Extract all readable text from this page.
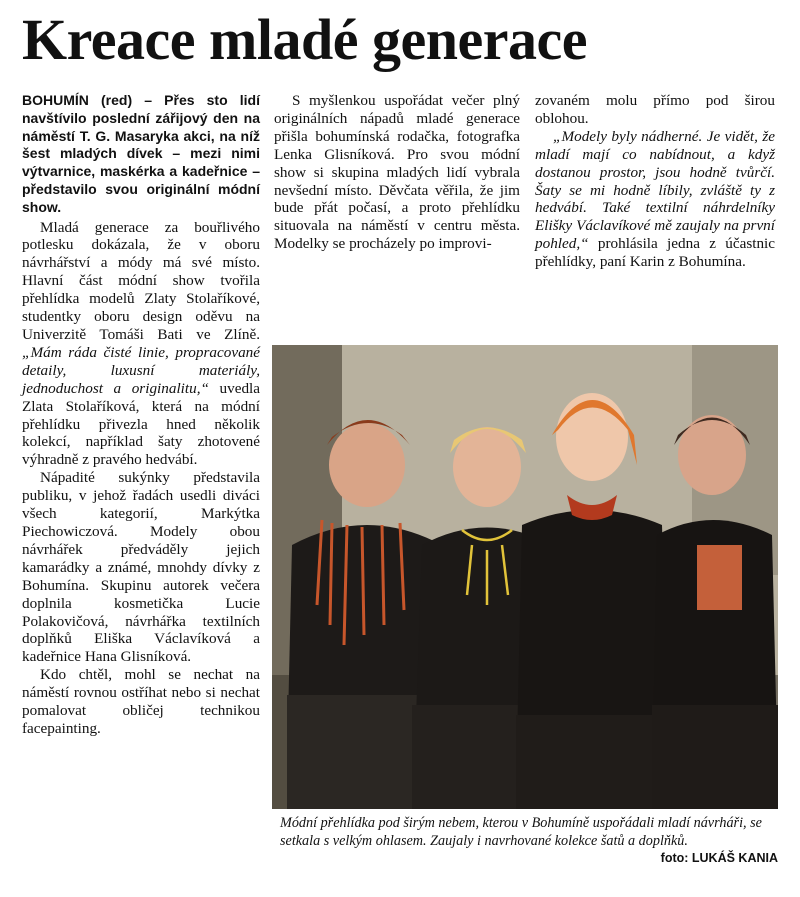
Kreace mladé generace

BOHUMÍN (red) – Přes sto lidí navštívilo poslední zářijový den na náměstí T. G. Masaryka akci, na níž šest mladých dívek – mezi nimi výtvarnice, maskérka a kadeřnice – představilo svou originální módní show.

Mladá generace za bouřlivého potlesku dokázala, že v oboru návrhářství a módy má své místo. Hlavní část módní show tvořila přehlídka modelů Zlaty Stolaříkové, studentky oboru design oděvu na Univerzitě Tomáši Bati ve Zlíně. „Mám ráda čisté linie, propracované detaily, luxusní materiály, jednoduchost a originalitu,“ uvedla Zlata Stolaříková, která na módní přehlídku přivezla hned několik kolekcí, například šaty zhotovené výhradně z pravého hedvábí.

Nápadité sukýnky představila publiku, v jehož řadách usedli diváci všech kategorií, Markýtka Piechowiczová. Modely obou návrhářek předváděly jejich kamarádky a známé, mnohdy dívky z Bohumína. Skupinu autorek večera doplnila kosmetička Lucie Polakovičová, návrhářka textilních doplňků Eliška Václavíková a kadeřnice Hana Glisníková.

Kdo chtěl, mohl se nechat na náměstí rovnou ostříhat nebo si nechat pomalovat obličej technikou facepainting.

S myšlenkou uspořádat večer plný originálních nápadů mladé generace přišla bohumínská rodačka, fotografka Lenka Glisníková. Pro svou módní show si skupina mladých lidí vybrala nevšední místo. Děvčata věřila, že jim bude přát počasí, a proto přehlídku situovala na náměstí v centru města. Modelky se procházely po improvi-

zovaném molu přímo pod širou oblohou.

„Modely byly nádherné. Je vidět, že mladí mají co nabídnout, a když dostanou prostor, jsou hodně tvůrčí. Šaty se mi hodně líbily, zvláště ty z hedvábí. Také textilní náhrdelníky Elišky Václavíkové mě zaujaly na první pohled,“ prohlásila jedna z účastnic přehlídky, paní Karin z Bohumína.

Módní přehlídka pod širým nebem, kterou v Bohumíně uspořádali mladí návrháři, se setkala s velkým ohlasem. Zaujaly i navrhované kolekce šatů a doplňků.
foto: LUKÁŠ KANIA
